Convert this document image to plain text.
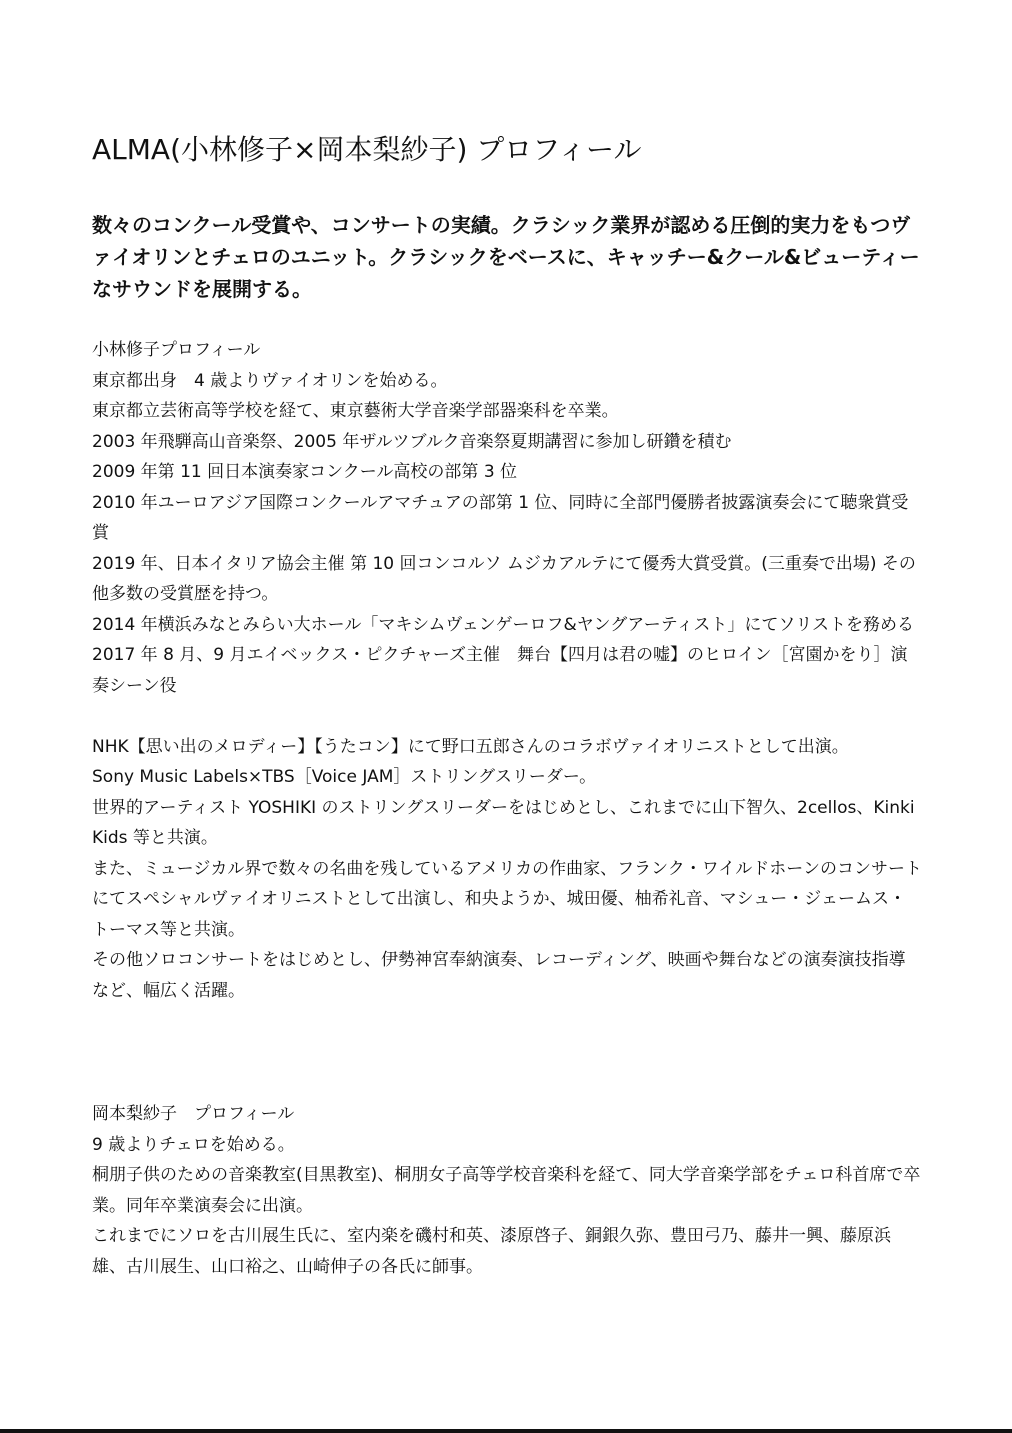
ALMA(小林修子×岡本梨紗子) プロフィール

数々のコンクール受賞や、コンサートの実績。クラシック業界が認める圧倒的実力をもつヴァイオリンとチェロのユニット。クラシックをベースに、キャッチー&クール&ビューティーなサウンドを展開する。

小林修子プロフィール

東京都出身　4 歳よりヴァイオリンを始める。

東京都立芸術高等学校を経て、東京藝術大学音楽学部器楽科を卒業。

2003 年飛騨高山音楽祭、2005 年ザルツブルク音楽祭夏期講習に参加し研鑽を積む

2009 年第 11 回日本演奏家コンクール高校の部第 3 位

2010 年ユーロアジア国際コンクールアマチュアの部第 1 位、同時に全部門優勝者披露演奏会にて聴衆賞受賞

2019 年、日本イタリア協会主催 第 10 回コンコルソ ムジカアルテにて優秀大賞受賞。(三重奏で出場) その他多数の受賞歴を持つ。

2014 年横浜みなとみらい大ホール「マキシムヴェンゲーロフ&ヤングアーティスト」にてソリストを務める

2017 年 8 月、9 月エイベックス・ピクチャーズ主催　舞台【四月は君の嘘】のヒロイン［宮園かをり］演奏シーン役

NHK【思い出のメロディー】【うたコン】にて野口五郎さんのコラボヴァイオリニストとして出演。

Sony Music Labels×TBS［Voice JAM］ストリングスリーダー。

世界的アーティスト YOSHIKI のストリングスリーダーをはじめとし、これまでに山下智久、2cellos、KinkiKids 等と共演。

また、ミュージカル界で数々の名曲を残しているアメリカの作曲家、フランク・ワイルドホーンのコンサートにてスペシャルヴァイオリニストとして出演し、和央ようか、城田優、柚希礼音、マシュー・ジェームス・トーマス等と共演。

その他ソロコンサートをはじめとし、伊勢神宮奉納演奏、レコーディング、映画や舞台などの演奏演技指導など、幅広く活躍。

岡本梨紗子　プロフィール

9 歳よりチェロを始める。

桐朋子供のための音楽教室(目黒教室)、桐朋女子高等学校音楽科を経て、同大学音楽学部をチェロ科首席で卒業。同年卒業演奏会に出演。

これまでにソロを古川展生氏に、室内楽を磯村和英、漆原啓子、銅銀久弥、豊田弓乃、藤井一興、藤原浜雄、古川展生、山口裕之、山崎伸子の各氏に師事。
